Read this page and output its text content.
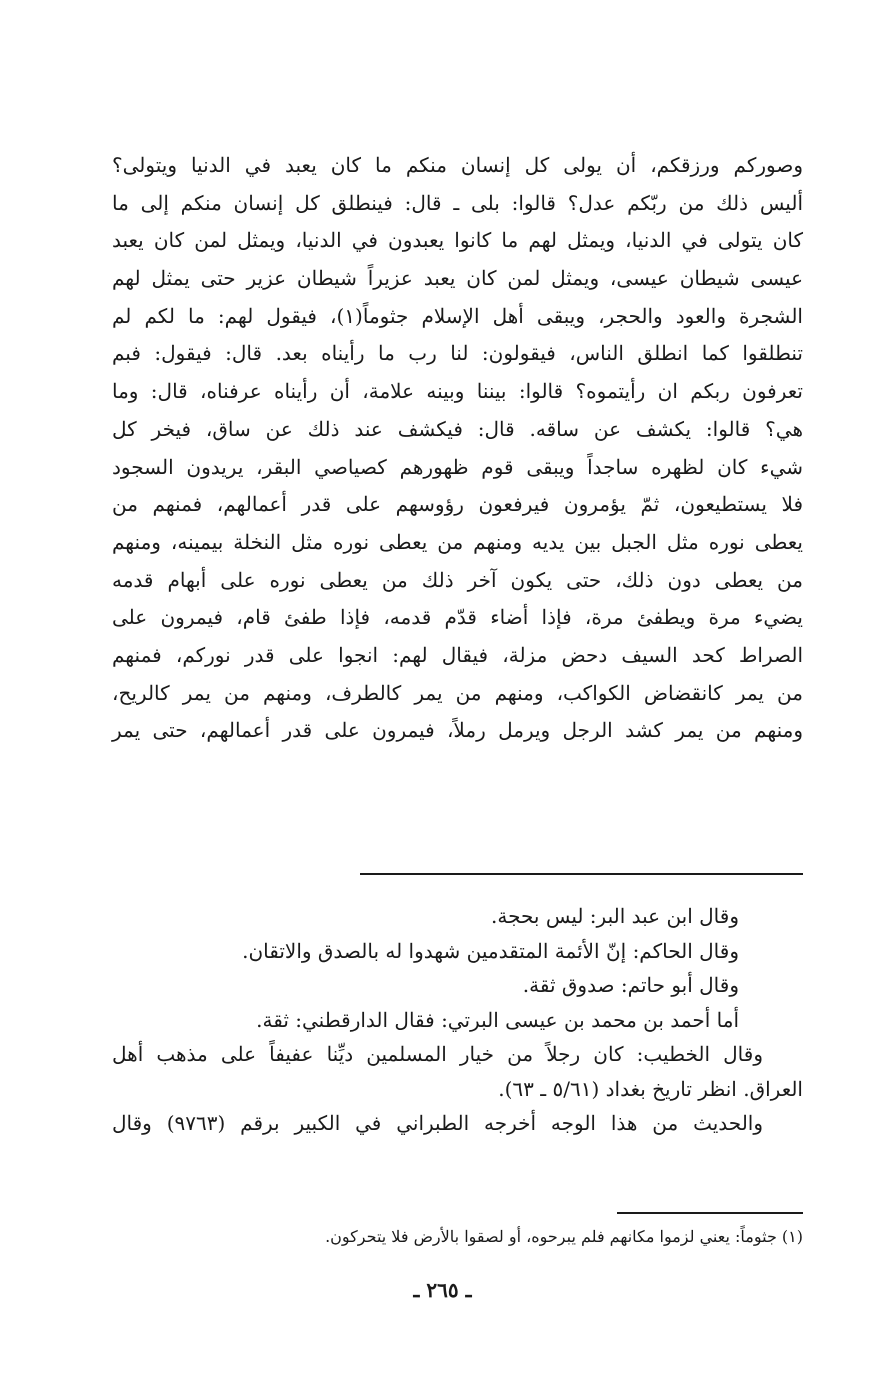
وصوركم ورزقكم، أن يولى كل إنسان منكم ما كان يعبد في الدنيا ويتولى؟
أليس ذلك من ربّكم عدل؟ قالوا: بلى ـ قال: فينطلق كل إنسان منكم إلى ما
كان يتولى في الدنيا، ويمثل لهم ما كانوا يعبدون في الدنيا، ويمثل لمن كان يعبد
عيسى شيطان عيسى، ويمثل لمن كان يعبد عزيراً شيطان عزير حتى يمثل لهم
الشجرة والعود والحجر، ويبقى أهل الإسلام جثوماً(١)، فيقول لهم: ما لكم لم
تنطلقوا كما انطلق الناس، فيقولون: لنا رب ما رأيناه بعد. قال: فيقول: فبم
تعرفون ربكم ان رأيتموه؟ قالوا: بيننا وبينه علامة، أن رأيناه عرفناه، قال: وما
هي؟ قالوا: يكشف عن ساقه. قال: فيكشف عند ذلك عن ساق، فيخر كل
شيء كان لظهره ساجداً ويبقى قوم ظهورهم كصياصي البقر، يريدون السجود
فلا يستطيعون، ثمّ يؤمرون فيرفعون رؤوسهم على قدر أعمالهم، فمنهم من
يعطى نوره مثل الجبل بين يديه ومنهم من يعطى نوره مثل النخلة بيمينه، ومنهم
من يعطى دون ذلك، حتى يكون آخر ذلك من يعطى نوره على أبهام قدمه
يضيء مرة ويطفئ مرة، فإذا أضاء قدّم قدمه، فإذا طفئ قام، فيمرون على
الصراط كحد السيف دحض مزلة، فيقال لهم: انجوا على قدر نوركم، فمنهم
من يمر كانقضاض الكواكب، ومنهم من يمر كالطرف، ومنهم من يمر كالريح،
ومنهم من يمر كشد الرجل ويرمل رملاً، فيمرون على قدر أعمالهم، حتى يمر
وقال ابن عبد البر: ليس بحجة.
وقال الحاكم: إنّ الأئمة المتقدمين شهدوا له بالصدق والاتقان.
وقال أبو حاتم: صدوق ثقة.
أما أحمد بن محمد بن عيسى البرتي: فقال الدارقطني: ثقة.
وقال الخطيب: كان رجلاً من خيار المسلمين ديِّنا عفيفاً على مذهب أهل
العراق. انظر تاريخ بغداد (٥/٦١ ـ ٦٣).
والحديث من هذا الوجه أخرجه الطبراني في الكبير برقم (٩٧٦٣) وقال
(١) جثوماً: يعني لزموا مكانهم فلم يبرحوه، أو لصقوا بالأرض فلا يتحركون.
ـ ٢٦٥ ـ
